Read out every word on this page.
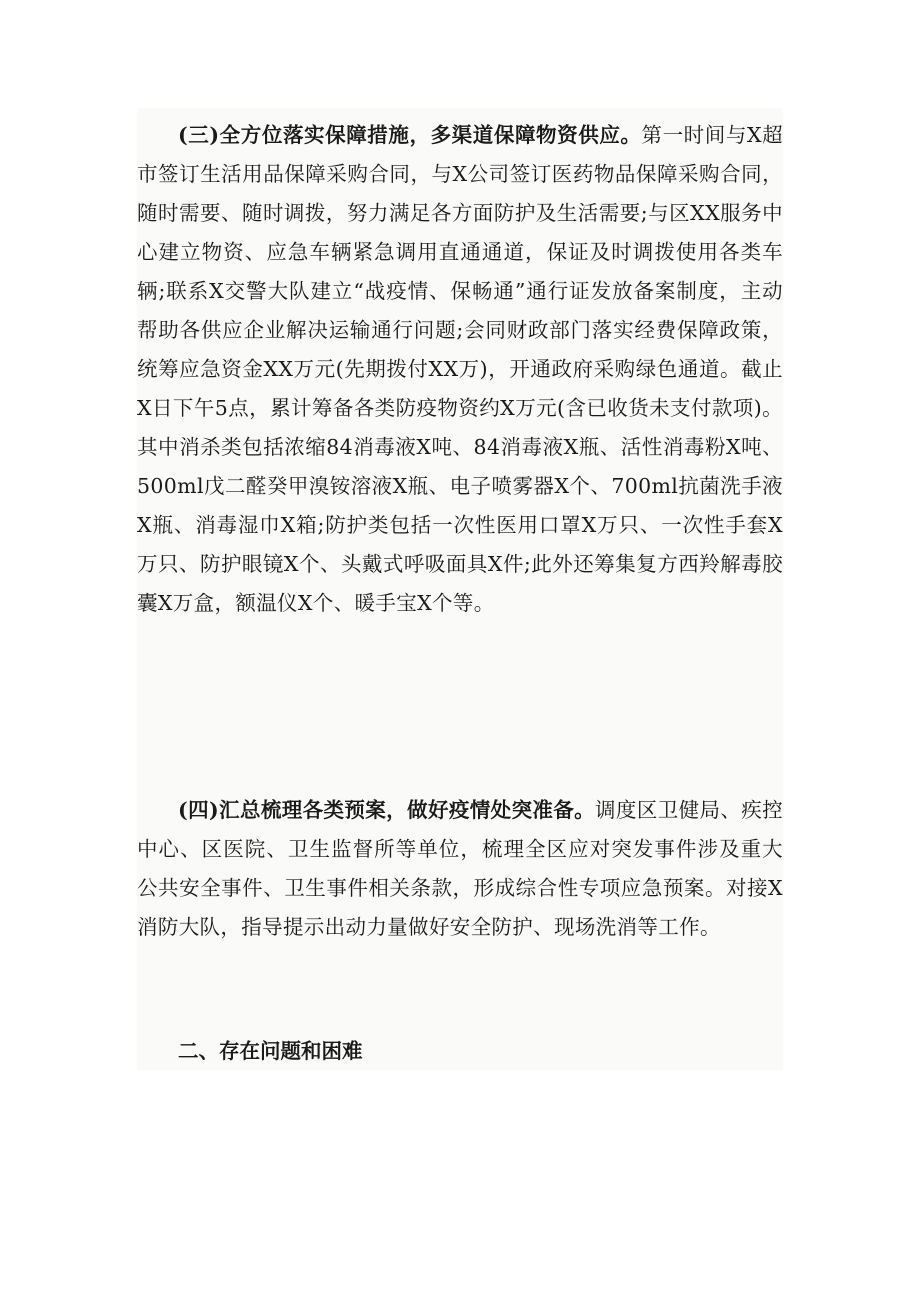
(三)全方位落实保障措施，多渠道保障物资供应。第一时间与X超市签订生活用品保障采购合同，与X公司签订医药物品保障采购合同，随时需要、随时调拨，努力满足各方面防护及生活需要;与区XX服务中心建立物资、应急车辆紧急调用直通通道，保证及时调拨使用各类车辆;联系X交警大队建立“战疫情、保畅通”通行证发放备案制度，主动帮助各供应企业解决运输通行问题;会同财政部门落实经费保障政策，统筹应急资金XX万元(先期拨付XX万)，开通政府采购绿色通道。截止X日下午5点，累计筹备各类防疫物资约X万元(含已收货未支付款项)。其中消杀类包括浓缩84消毒液X吨、84消毒液X瓶、活性消毒粉X吨、500ml戊二醛癸甲溴铵溶液X瓶、电子喷雾器X个、700ml抗菌洗手液X瓶、消毒湿巾X箱;防护类包括一次性医用口罩X万只、一次性手套X万只、防护眼镜X个、头戴式呼吸面具X件;此外还筹集复方西羚解毒胶囊X万盒，额温仪X个、暖手宝X个等。

(四)汇总梳理各类预案，做好疫情处突准备。调度区卫健局、疾控中心、区医院、卫生监督所等单位，梳理全区应对突发事件涉及重大公共安全事件、卫生事件相关条款，形成综合性专项应急预案。对接X消防大队，指导提示出动力量做好安全防护、现场洗消等工作。

二、存在问题和困难
